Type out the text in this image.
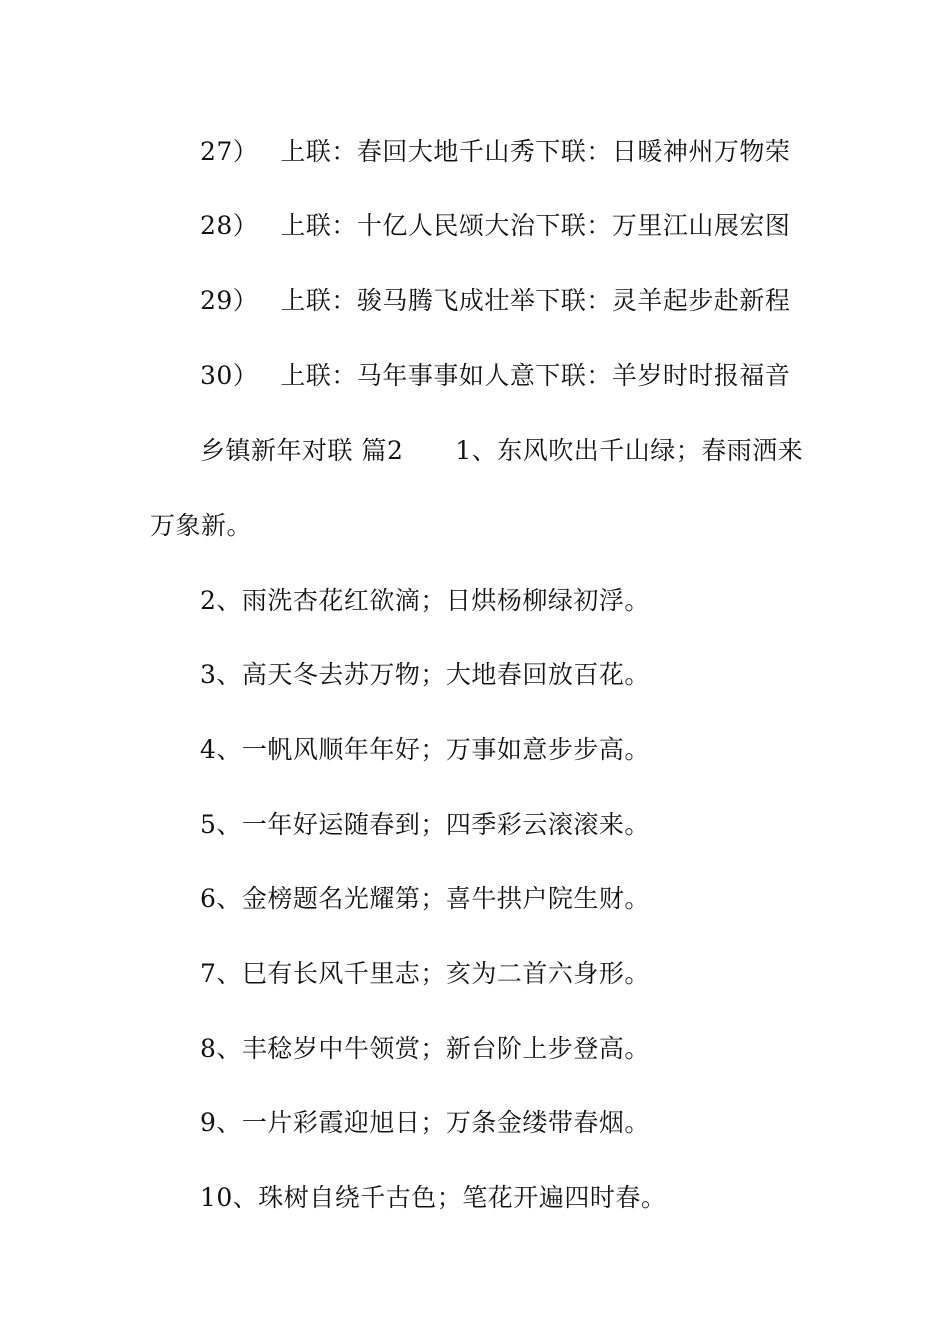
27） 上联：春回大地千山秀下联：日暖神州万物荣
28） 上联：十亿人民颂大治下联：万里江山展宏图
29） 上联：骏马腾飞成壮举下联：灵羊起步赴新程
30） 上联：马年事事如人意下联：羊岁时时报福音
乡镇新年对联 篇2 1、东风吹出千山绿；春雨洒来
万象新。
2、雨洗杏花红欲滴；日烘杨柳绿初浮。
3、高天冬去苏万物；大地春回放百花。
4、一帆风顺年年好；万事如意步步高。
5、一年好运随春到；四季彩云滚滚来。
6、金榜题名光耀第；喜牛拱户院生财。
7、巳有长风千里志；亥为二首六身形。
8、丰稔岁中牛领赏；新台阶上步登高。
9、一片彩霞迎旭日；万条金缕带春烟。
10、珠树自绕千古色；笔花开遍四时春。
